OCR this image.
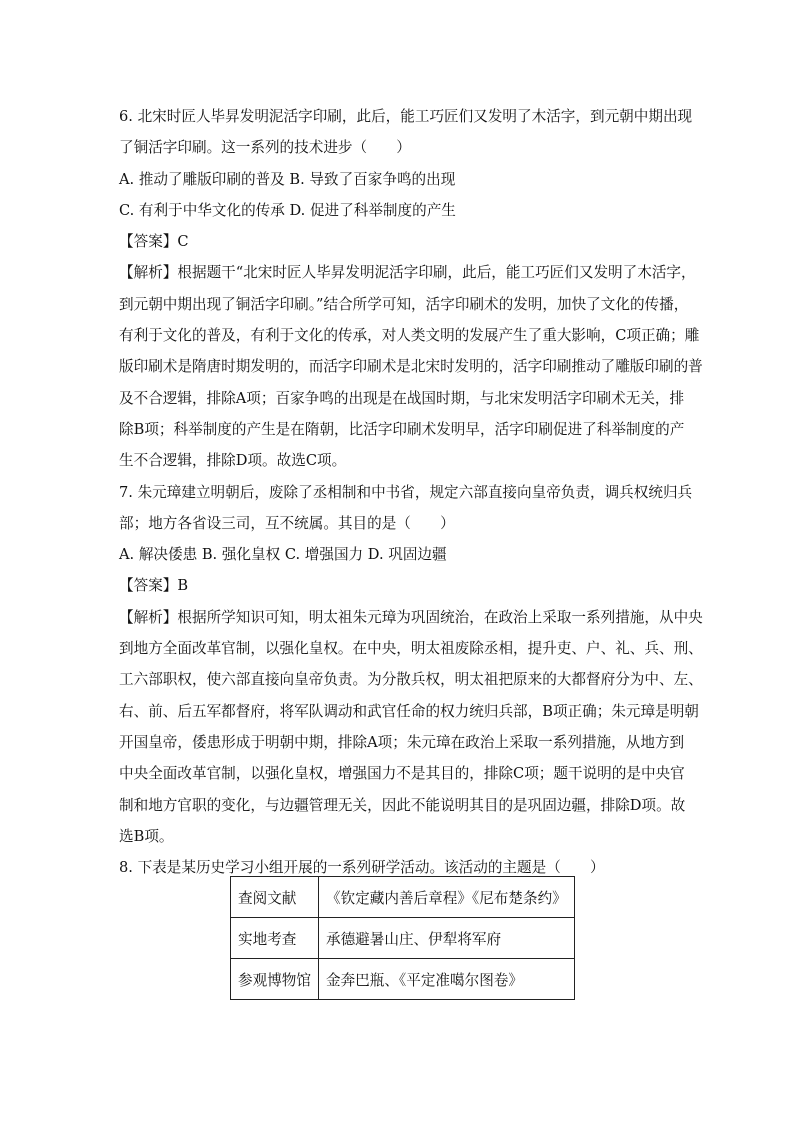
6. 北宋时匠人毕昇发明泥活字印刷，此后，能工巧匠们又发明了木活字，到元朝中期出现
了铜活字印刷。这一系列的技术进步（　　）
A. 推动了雕版印刷的普及 B. 导致了百家争鸣的出现
C. 有利于中华文化的传承 D. 促进了科举制度的产生
【答案】C
【解析】根据题干“北宋时匠人毕昇发明泥活字印刷，此后，能工巧匠们又发明了木活字，
到元朝中期出现了铜活字印刷。”结合所学可知，活字印刷术的发明，加快了文化的传播，
有利于文化的普及，有利于文化的传承，对人类文明的发展产生了重大影响，C项正确；雕
版印刷术是隋唐时期发明的，而活字印刷术是北宋时发明的，活字印刷推动了雕版印刷的普
及不合逻辑，排除A项；百家争鸣的出现是在战国时期，与北宋发明活字印刷术无关，排
除B项；科举制度的产生是在隋朝，比活字印刷术发明早，活字印刷促进了科举制度的产
生不合逻辑，排除D项。故选C项。
7. 朱元璋建立明朝后，废除了丞相制和中书省，规定六部直接向皇帝负责，调兵权统归兵
部；地方各省设三司，互不统属。其目的是（　　）
A. 解决倭患 B. 强化皇权 C. 增强国力 D. 巩固边疆
【答案】B
【解析】根据所学知识可知，明太祖朱元璋为巩固统治，在政治上采取一系列措施，从中央
到地方全面改革官制，以强化皇权。在中央，明太祖废除丞相，提升吏、户、礼、兵、刑、
工六部职权，使六部直接向皇帝负责。为分散兵权，明太祖把原来的大都督府分为中、左、
右、前、后五军都督府，将军队调动和武官任命的权力统归兵部，B项正确；朱元璋是明朝
开国皇帝，倭患形成于明朝中期，排除A项；朱元璋在政治上采取一系列措施，从地方到
中央全面改革官制，以强化皇权，增强国力不是其目的，排除C项；题干说明的是中央官
制和地方官职的变化，与边疆管理无关，因此不能说明其目的是巩固边疆，排除D项。故
选B项。
8. 下表是某历史学习小组开展的一系列研学活动。该活动的主题是（　　）
查阅文献	《钦定藏内善后章程》《尼布楚条约》
实地考查	承德避暑山庄、伊犁将军府
参观博物馆	金奔巴瓶、《平定准噶尔图卷》
